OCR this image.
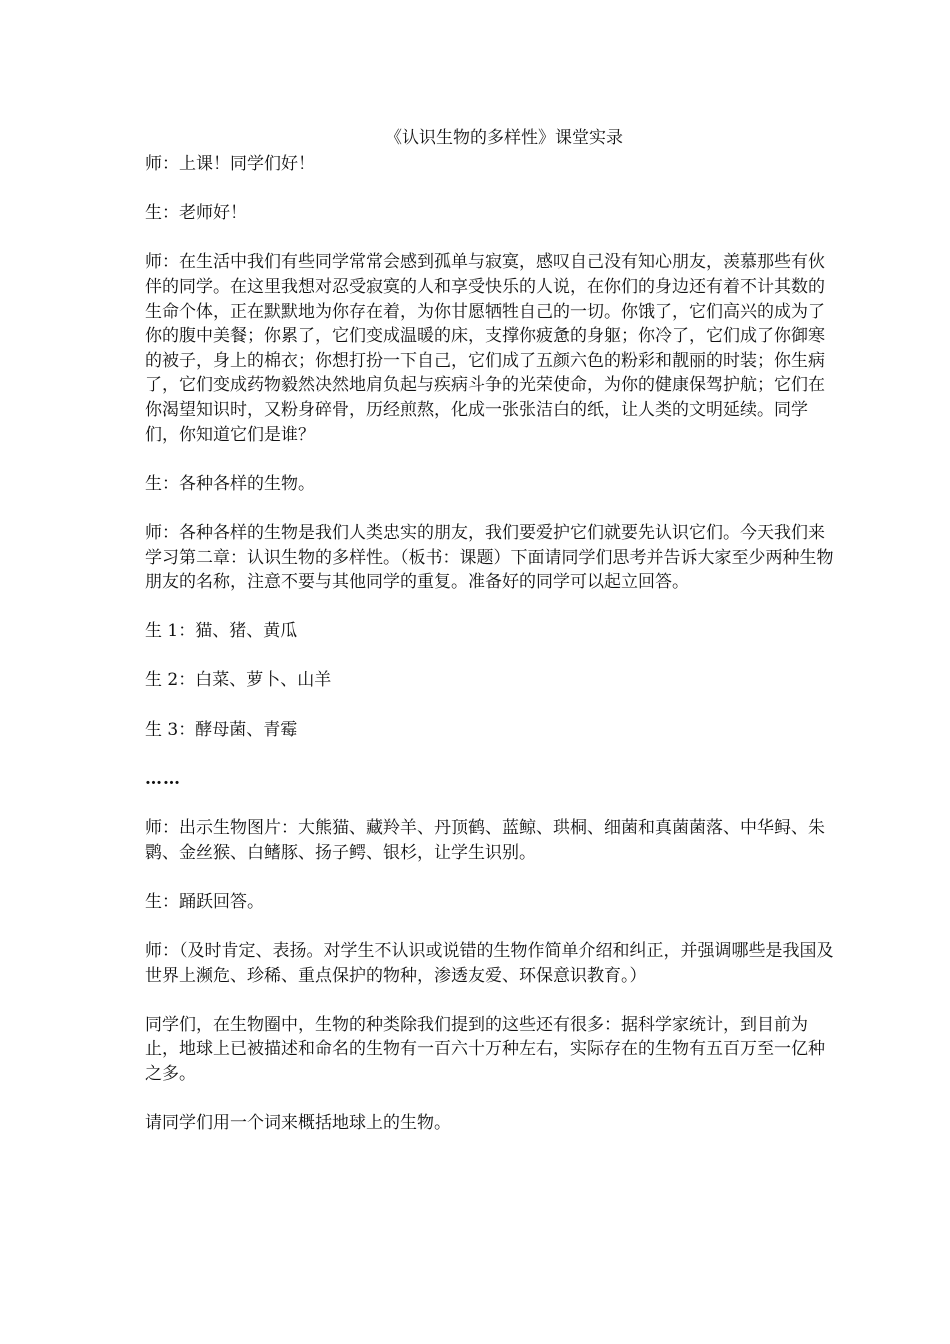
《认识生物的多样性》课堂实录

师：上课！同学们好！

生：老师好！

师：在生活中我们有些同学常常会感到孤单与寂寞，感叹自己没有知心朋友，羡慕那些有伙伴的同学。在这里我想对忍受寂寞的人和享受快乐的人说，在你们的身边还有着不计其数的生命个体，正在默默地为你存在着，为你甘愿牺牲自己的一切。你饿了，它们高兴的成为了你的腹中美餐；你累了，它们变成温暖的床，支撑你疲惫的身躯；你冷了，它们成了你御寒的被子，身上的棉衣；你想打扮一下自己，它们成了五颜六色的粉彩和靓丽的时装；你生病了，它们变成药物毅然决然地肩负起与疾病斗争的光荣使命，为你的健康保驾护航；它们在你渴望知识时，又粉身碎骨，历经煎熬，化成一张张洁白的纸，让人类的文明延续。同学们，你知道它们是谁？

生：各种各样的生物。

师：各种各样的生物是我们人类忠实的朋友，我们要爱护它们就要先认识它们。今天我们来学习第二章：认识生物的多样性。（板书：课题）下面请同学们思考并告诉大家至少两种生物朋友的名称，注意不要与其他同学的重复。准备好的同学可以起立回答。

生 1：猫、猪、黄瓜

生 2：白菜、萝卜、山羊

生 3：酵母菌、青霉

……

师：出示生物图片：大熊猫、藏羚羊、丹顶鹤、蓝鲸、珙桐、细菌和真菌菌落、中华鲟、朱鹮、金丝猴、白鳍豚、扬子鳄、银杉，让学生识别。

生：踊跃回答。

师：（及时肯定、表扬。对学生不认识或说错的生物作简单介绍和纠正，并强调哪些是我国及世界上濒危、珍稀、重点保护的物种，渗透友爱、环保意识教育。）

同学们，在生物圈中，生物的种类除我们提到的这些还有很多：据科学家统计，到目前为止，地球上已被描述和命名的生物有一百六十万种左右，实际存在的生物有五百万至一亿种之多。

请同学们用一个词来概括地球上的生物。
